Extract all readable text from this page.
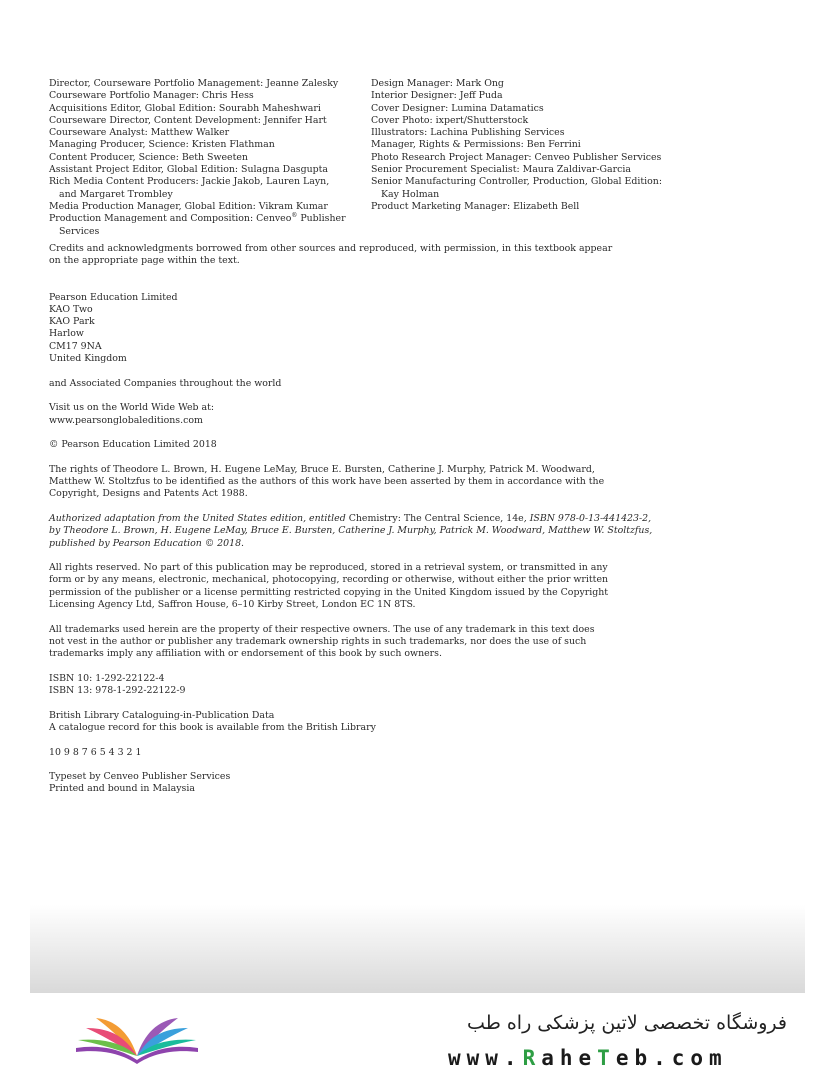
Director, Courseware Portfolio Management: Jeanne Zalesky
Courseware Portfolio Manager: Chris Hess
Acquisitions Editor, Global Edition: Sourabh Maheshwari
Courseware Director, Content Development: Jennifer Hart
Courseware Analyst: Matthew Walker
Managing Producer, Science: Kristen Flathman
Content Producer, Science: Beth Sweeten
Assistant Project Editor, Global Edition: Sulagna Dasgupta
Rich Media Content Producers: Jackie Jakob, Lauren Layn,
and Margaret Trombley
Media Production Manager, Global Edition: Vikram Kumar
Production Management and Composition: Cenveo® Publisher
Services
Design Manager: Mark Ong
Interior Designer: Jeff Puda
Cover Designer: Lumina Datamatics
Cover Photo: ixpert/Shutterstock
Illustrators: Lachina Publishing Services
Manager, Rights & Permissions: Ben Ferrini
Photo Research Project Manager: Cenveo Publisher Services
Senior Procurement Specialist: Maura Zaldivar-Garcia
Senior Manufacturing Controller, Production, Global Edition:
Kay Holman
Product Marketing Manager: Elizabeth Bell
Credits and acknowledgments borrowed from other sources and reproduced, with permission, in this textbook appear
on the appropriate page within the text.
Pearson Education Limited
KAO Two
KAO Park
Harlow
CM17 9NA
United Kingdom
and Associated Companies throughout the world
Visit us on the World Wide Web at:
www.pearsonglobaleditions.com
© Pearson Education Limited 2018
The rights of Theodore L. Brown, H. Eugene LeMay, Bruce E. Bursten, Catherine J. Murphy, Patrick M. Woodward,
Matthew W. Stoltzfus to be identified as the authors of this work have been asserted by them in accordance with the
Copyright, Designs and Patents Act 1988.
Authorized adaptation from the United States edition, entitled Chemistry: The Central Science, 14e, ISBN 978-0-13-441423-2,
by Theodore L. Brown, H. Eugene LeMay, Bruce E. Bursten, Catherine J. Murphy, Patrick M. Woodward, Matthew W. Stoltzfus,
published by Pearson Education © 2018.
All rights reserved. No part of this publication may be reproduced, stored in a retrieval system, or transmitted in any
form or by any means, electronic, mechanical, photocopying, recording or otherwise, without either the prior written
permission of the publisher or a license permitting restricted copying in the United Kingdom issued by the Copyright
Licensing Agency Ltd, Saffron House, 6–10 Kirby Street, London EC 1N 8TS.
All trademarks used herein are the property of their respective owners. The use of any trademark in this text does
not vest in the author or publisher any trademark ownership rights in such trademarks, nor does the use of such
trademarks imply any affiliation with or endorsement of this book by such owners.
ISBN 10: 1-292-22122-4
ISBN 13: 978-1-292-22122-9
British Library Cataloguing-in-Publication Data
A catalogue record for this book is available from the British Library
10 9 8 7 6 5 4 3 2 1
Typeset by Cenveo Publisher Services
Printed and bound in Malaysia
فروشگاه تخصصی لاتین پزشکی راه طب
www.RaheTeb.com
